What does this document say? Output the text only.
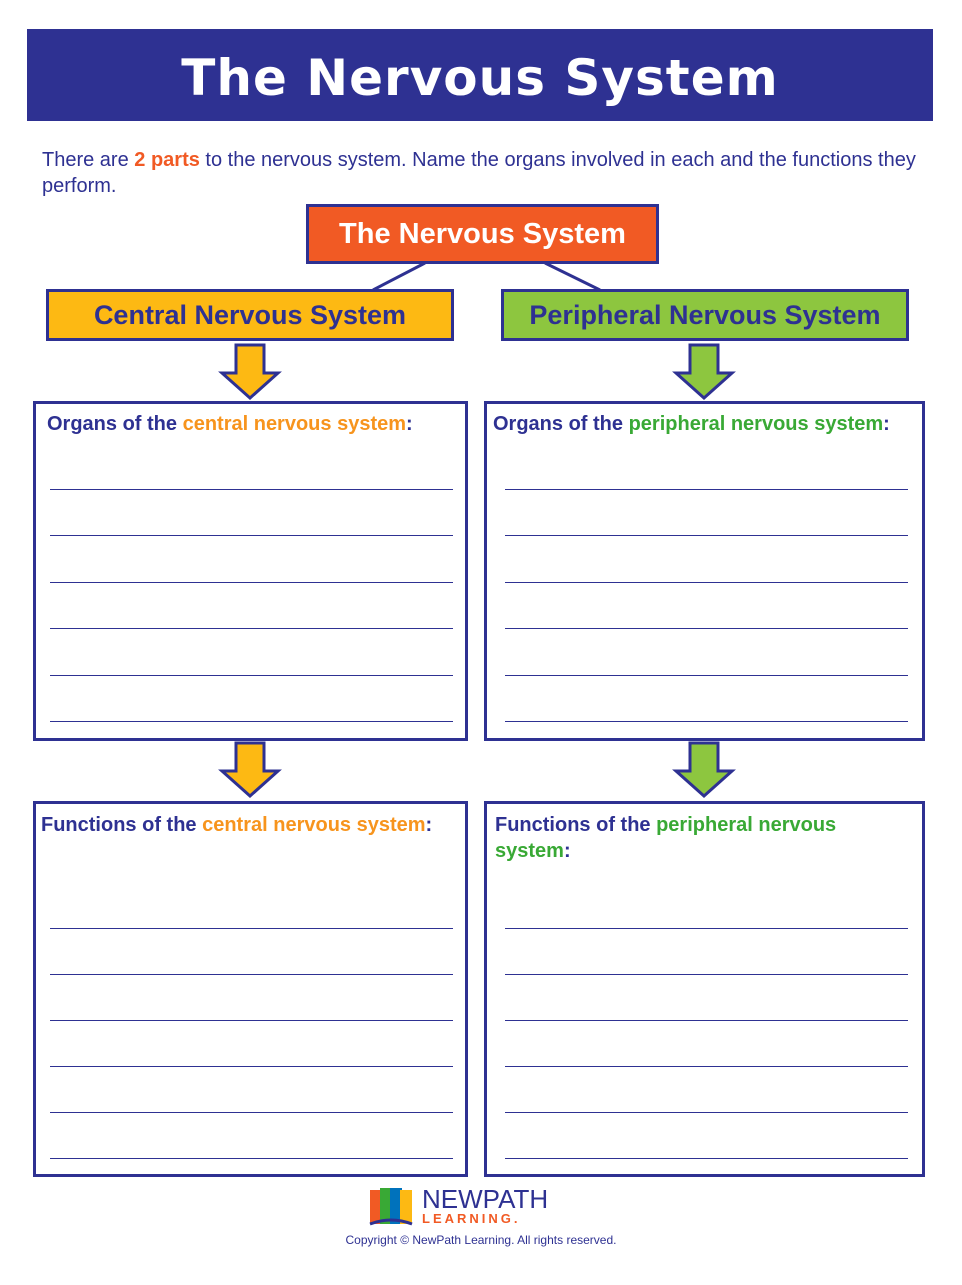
The Nervous System
There are 2 parts to the nervous system. Name the organs involved in each and the functions they perform.
The Nervous System
Central Nervous System	Peripheral Nervous System
Organs of the central nervous system:	Organs of the peripheral nervous system:
Functions of the central nervous system:	Functions of the peripheral nervous system:
NEWPATH
LEARNING.
Copyright © NewPath Learning. All rights reserved.
